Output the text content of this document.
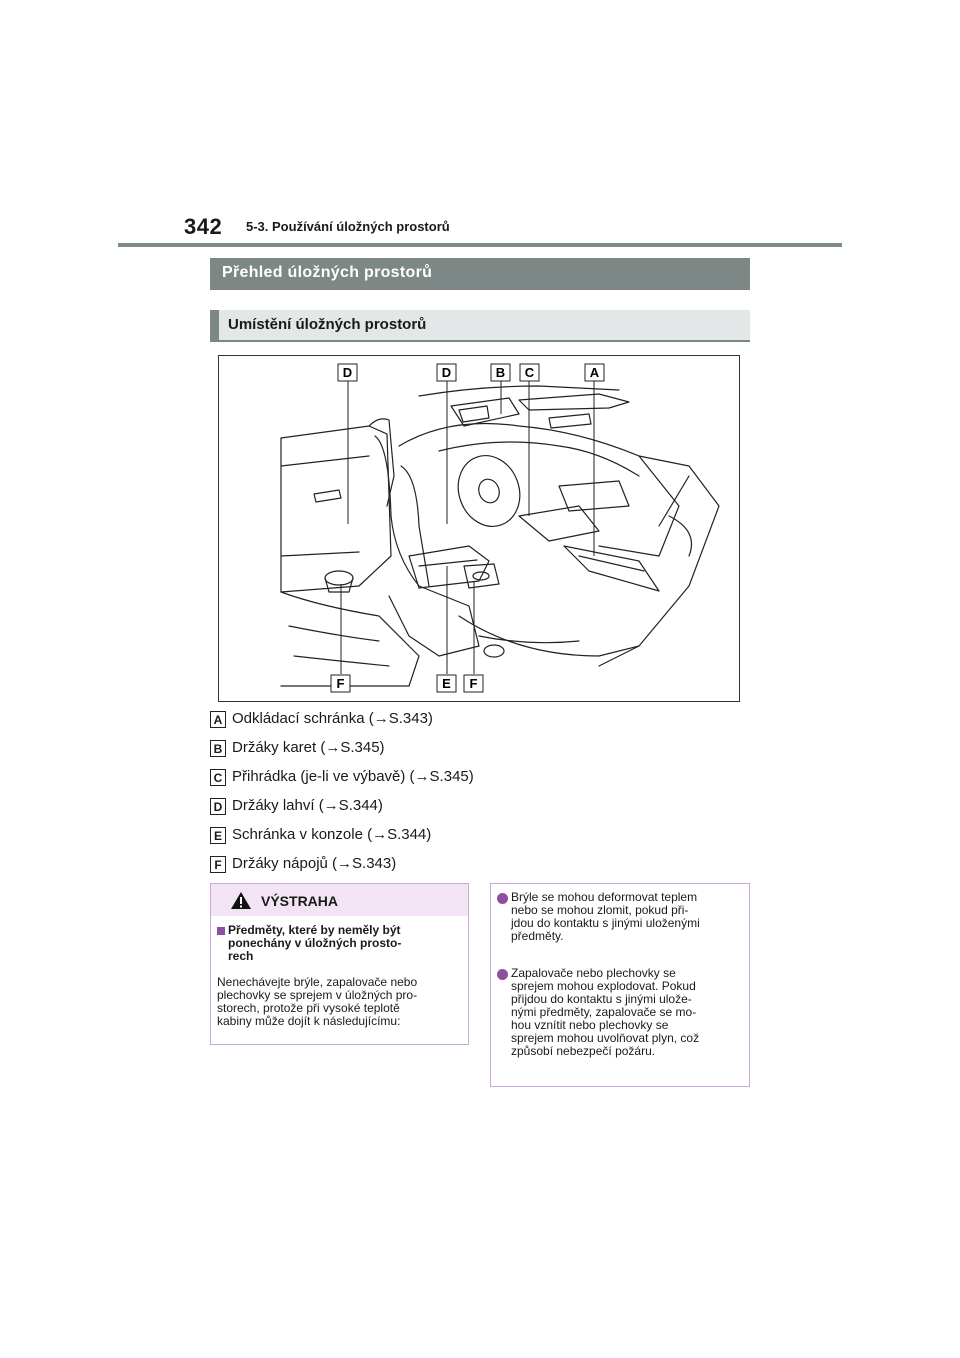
342 5-3. Používání úložných prostorů
Přehled úložných prostorů
Umístění úložných prostorů
D	D	B C	A
F	E F
A Odkládací schránka (→S.343)
B Držáky karet (→S.345)
C Přihrádka (je-li ve výbavě) (→S.345)
D Držáky lahví (→S.344)
E Schránka v konzole (→S.344)
F Držáky nápojů (→S.343)
VÝSTRAHA
Předměty, které by neměly být
ponechány v úložných prosto-
rech
Nenechávejte brýle, zapalovače nebo
plechovky se sprejem v úložných pro-
storech, protože při vysoké teplotě
kabiny může dojít k následujícímu:
Brýle se mohou deformovat teplem
nebo se mohou zlomit, pokud při-
jdou do kontaktu s jinými uloženými
předměty.
Zapalovače nebo plechovky se
sprejem mohou explodovat. Pokud
přijdou do kontaktu s jinými ulože-
nými předměty, zapalovače se mo-
hou vznítit nebo plechovky se
sprejem mohou uvolňovat plyn, což
způsobí nebezpečí požáru.
